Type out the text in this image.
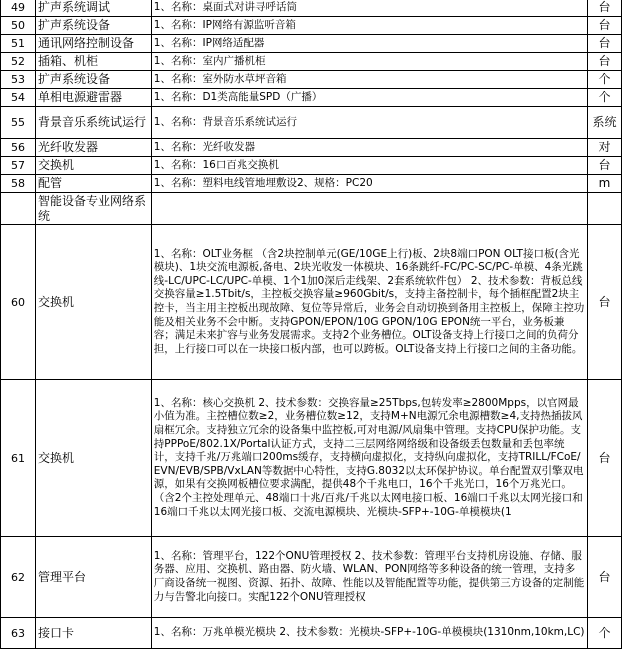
49	扩声系统调试	1、名称：桌面式对讲寻呼话筒	台
50	扩声系统设备	1、名称：IP网络有源监听音箱	台
51	通讯网络控制设备	1、名称：IP网络适配器	台
52	插箱、机柜	1、名称：室内广播机柜	台
53	扩声系统设备	1、名称：室外防水草坪音箱	个
54	单相电源避雷器	1、名称：D1类高能量SPD（广播）	个
55	背景音乐系统试运行	1、名称：背景音乐系统试运行	系统
56	光纤收发器	1、名称：光纤收发器	对
57	交换机	1、名称：16口百兆交换机	台
58	配管	1、名称：塑料电线管地埋敷设2、规格：PC20	m
	智能设备专业网络系统		
60	交换机	1、名称：OLT业务框 （含2块控制单元(GE/10GE上行)板、2块8端口PON OLT接口板(含光模块)、1块交流电源板,备电、2块光收发一体模块、16条跳纤-FC/PC-SC/PC-单模、4条光跳线-LC/UPC-LC/UPC-单模、1个1加0深后走线架、2套系统软件包） 2、技术参数：背板总线交换容量≥1.5Tbit/s，主控板交换容量≥960Gbit/s，支持主备控制卡，每个插框配置2块主控卡，当主用主控板出现故障、复位等异常后，业务会自动切换到备用主控板上，保障主控功能及相关业务不会中断。支持GPON/EPON/10G GPON/10G EPON统一平台，业务板兼容；满足未来扩容与业务发展需求。支持2个业务槽位。OLT设备支持上行接口之间的负荷分担，上行接口可以在一块接口板内部，也可以跨板。OLT设备支持上行接口之间的主备功能。	台
61	交换机	1、名称：核心交换机 2、技术参数：交换容量≥25Tbps,包转发率≥2800Mpps，以官网最小值为准。主控槽位数≥2，业务槽位数≥12，支持M+N电源冗余电源槽数≥4,支持热插拔风扇框冗余。支持独立冗余的设备集中监控板,可对电源/风扇集中管理。支持CPU保护功能。支持PPPoE/802.1X/Portal认证方式，支持二三层网络网络级和设备级丢包数量和丢包率统计，支持千兆/万兆端口200ms缓存，支持横向虚拟化，支持纵向虚拟化，支持TRILL/FCoE/EVN/EVB/SPB/VxLAN等数据中心特性，支持G.8032以太环保护协议。单台配置双引擎双电源，如果有交换网板槽位要求满配，提供48个千兆电口，16个千兆光口，16个万兆光口。（含2个主控处理单元、48端口十兆/百兆/千兆以太网电接口板、16端口千兆以太网光接口和16端口千兆以太网光接口板、交流电源模块、光模块-SFP+-10G-单模模块(1	台
62	管理平台	1、名称：管理平台，122个ONU管理授权 2、技术参数：管理平台支持机房设施、存储、服务器、应用、交换机、路由器、防火墙、WLAN、PON网络等多种设备的统一管理，支持多厂商设备统一视图、资源、拓扑、故障、性能以及智能配置等功能，提供第三方设备的定制能力与告警北向接口。实配122个ONU管理授权	台
63	接口卡	1、名称：万兆单模光模块 2、技术参数：光模块-SFP+-10G-单模模块(1310nm,10km,LC)	个
